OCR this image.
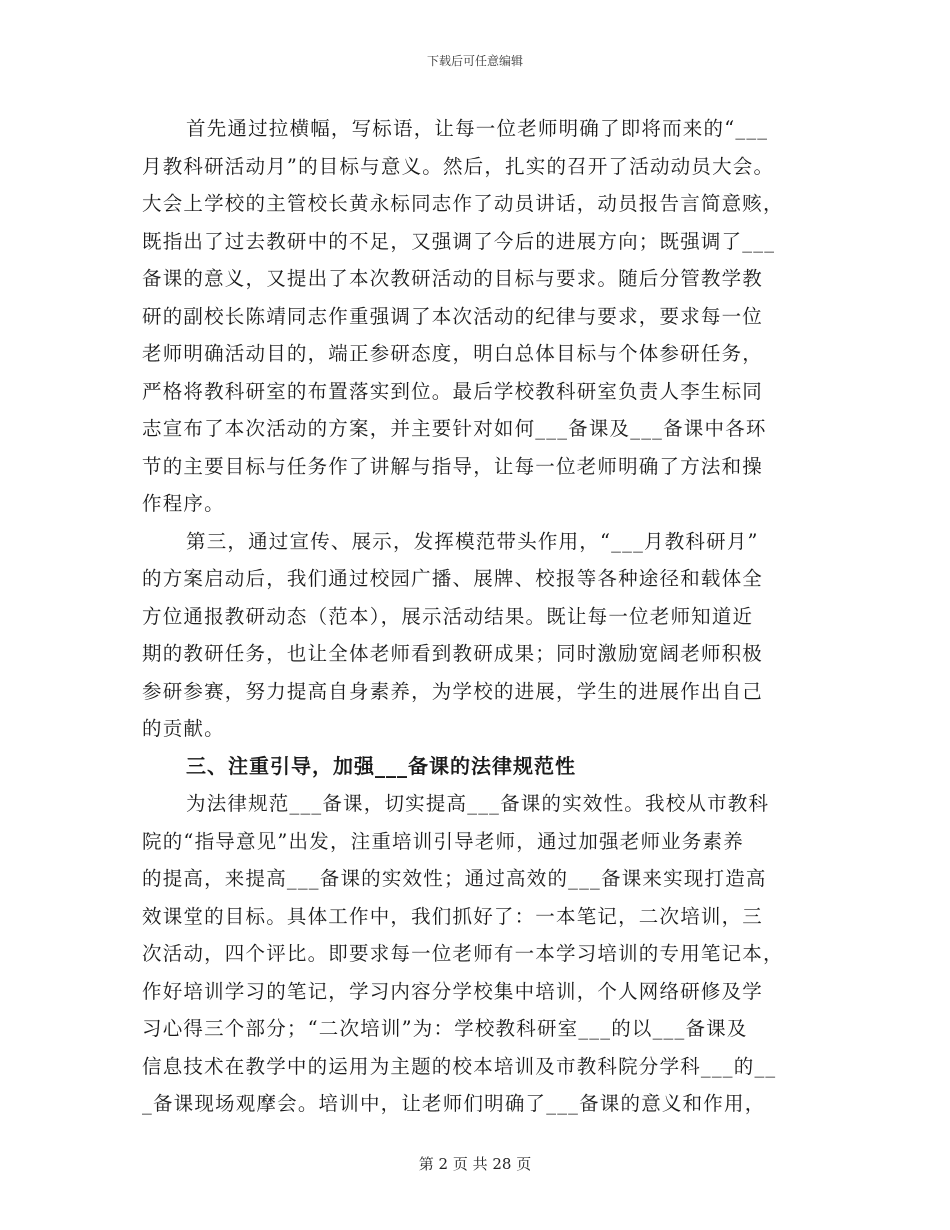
下载后可任意编辑
首先通过拉横幅，写标语，让每一位老师明确了即将而来的“___
月教科研活动月”的目标与意义。然后，扎实的召开了活动动员大会。
大会上学校的主管校长黄永标同志作了动员讲话，动员报告言简意赅，
既指出了过去教研中的不足，又强调了今后的进展方向；既强调了___
备课的意义，又提出了本次教研活动的目标与要求。随后分管教学教
研的副校长陈靖同志作重强调了本次活动的纪律与要求，要求每一位
老师明确活动目的，端正参研态度，明白总体目标与个体参研任务，
严格将教科研室的布置落实到位。最后学校教科研室负责人李生标同
志宣布了本次活动的方案，并主要针对如何___备课及___备课中各环
节的主要目标与任务作了讲解与指导，让每一位老师明确了方法和操
作程序。
第三，通过宣传、展示，发挥模范带头作用，“___月教科研月”
的方案启动后，我们通过校园广播、展牌、校报等各种途径和载体全
方位通报教研动态（范本），展示活动结果。既让每一位老师知道近
期的教研任务，也让全体老师看到教研成果；同时激励宽阔老师积极
参研参赛，努力提高自身素养，为学校的进展，学生的进展作出自己
的贡献。
三、注重引导，加强___备课的法律规范性
为法律规范___备课，切实提高___备课的实效性。我校从市教科
院的“指导意见”出发，注重培训引导老师，通过加强老师业务素养
的提高，来提高___备课的实效性；通过高效的___备课来实现打造高
效课堂的目标。具体工作中，我们抓好了：一本笔记，二次培训，三
次活动，四个评比。即要求每一位老师有一本学习培训的专用笔记本，
作好培训学习的笔记，学习内容分学校集中培训，个人网络研修及学
习心得三个部分；“二次培训”为：学校教科研室___的以___备课及
信息技术在教学中的运用为主题的校本培训及市教科院分学科___的__
_备课现场观摩会。培训中，让老师们明确了___备课的意义和作用，
第 2 页 共 28 页
